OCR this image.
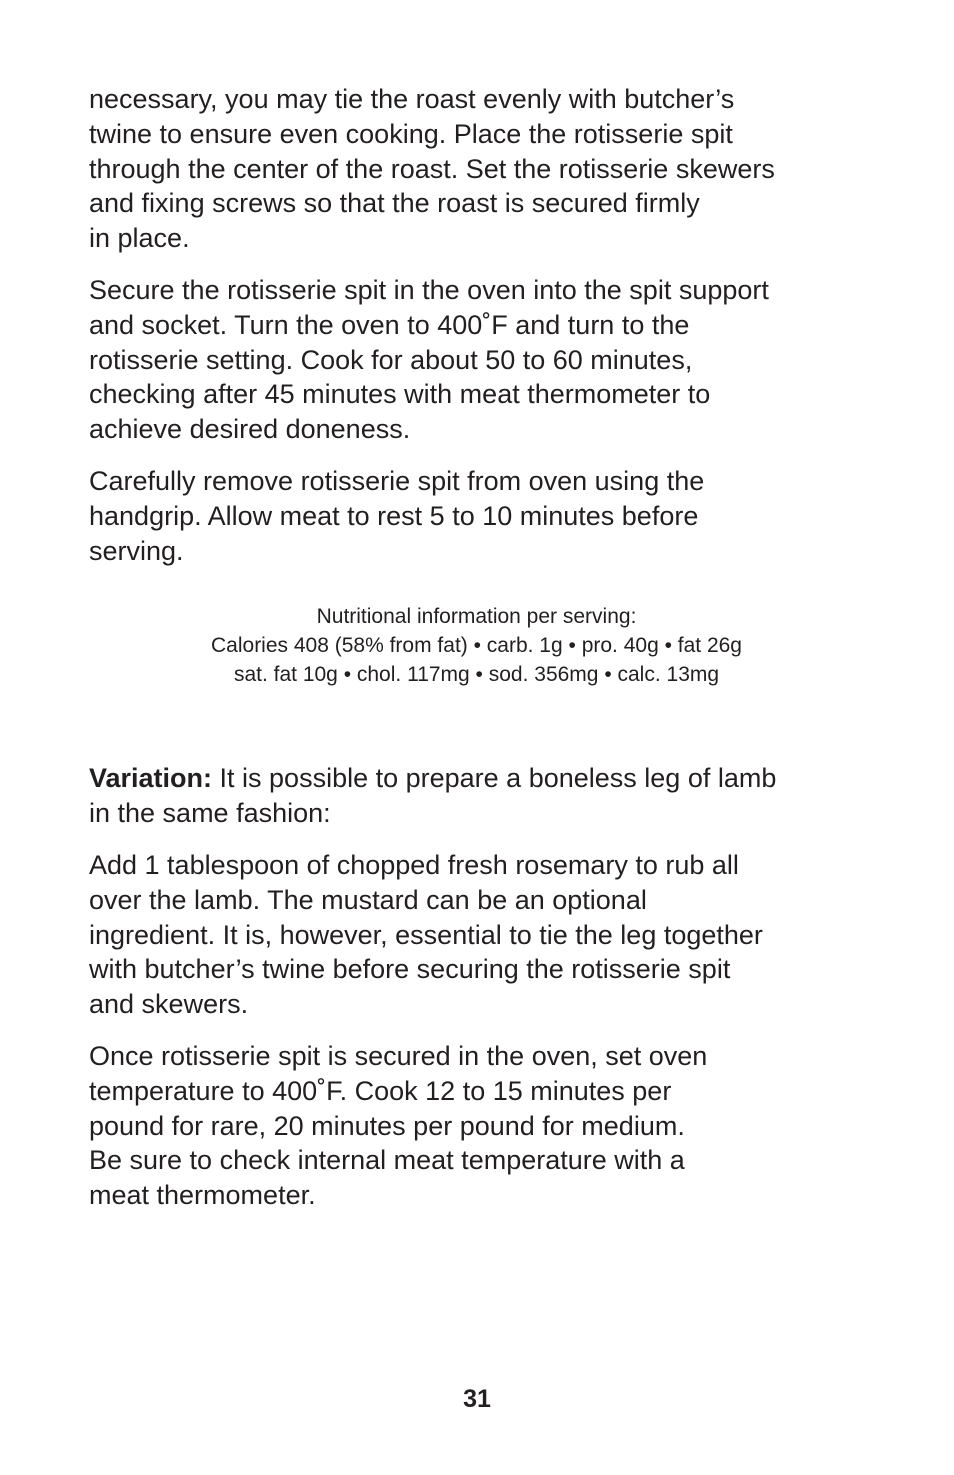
necessary, you may tie the roast evenly with butcher’s
twine to ensure even cooking. Place the rotisserie spit
through the center of the roast. Set the rotisserie skewers
and fixing screws so that the roast is secured firmly
in place.

Secure the rotisserie spit in the oven into the spit support
and socket. Turn the oven to 400˚F and turn to the
rotisserie setting. Cook for about 50 to 60 minutes,
checking after 45 minutes with meat thermometer to
achieve desired doneness.

Carefully remove rotisserie spit from oven using the
handgrip. Allow meat to rest 5 to 10 minutes before
serving.

Nutritional information per serving:
Calories 408 (58% from fat) • carb. 1g • pro. 40g • fat 26g
sat. fat 10g • chol. 117mg • sod. 356mg • calc. 13mg

Variation: It is possible to prepare a boneless leg of lamb
in the same fashion:

Add 1 tablespoon of chopped fresh rosemary to rub all
over the lamb. The mustard can be an optional
ingredient. It is, however, essential to tie the leg together
with butcher’s twine before securing the rotisserie spit
and skewers.

Once rotisserie spit is secured in the oven, set oven
temperature to 400˚F. Cook 12 to 15 minutes per
pound for rare, 20 minutes per pound for medium.
Be sure to check internal meat temperature with a
meat thermometer.

31
